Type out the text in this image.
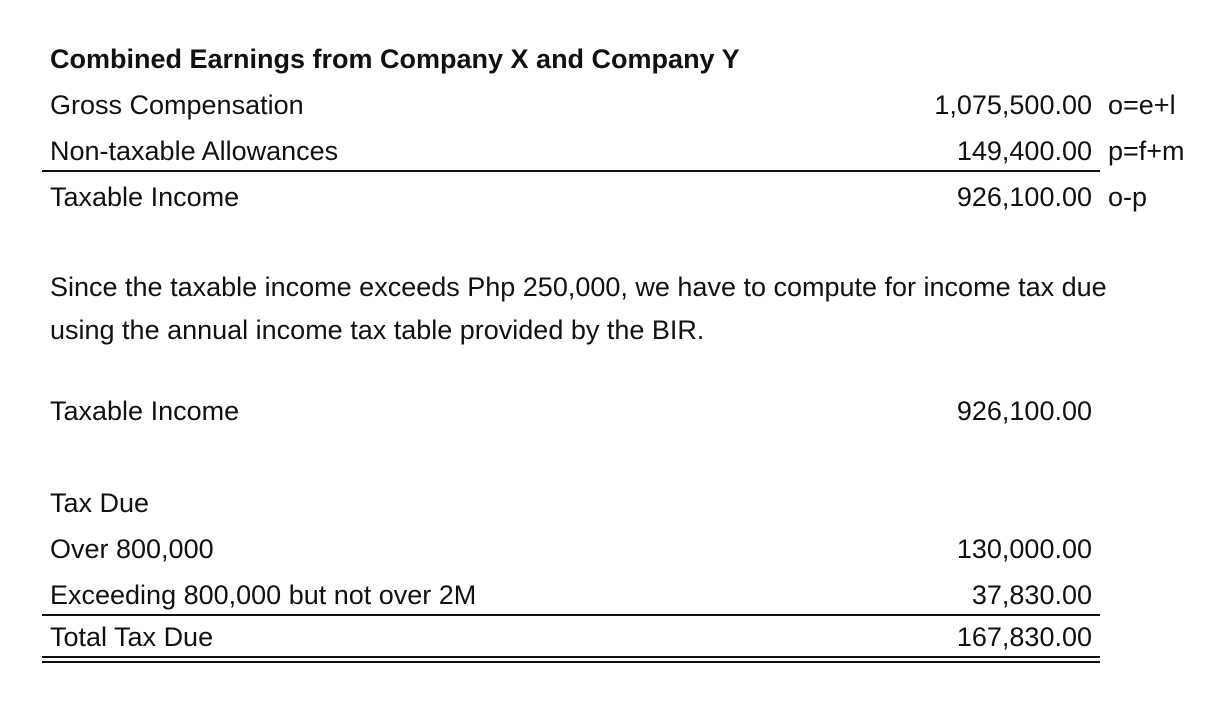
Combined Earnings from Company X and Company Y
Gross Compensation	1,075,500.00 o=e+l
Non-taxable Allowances	149,400.00 p=f+m
Taxable Income	926,100.00 o-p
Since the taxable income exceeds Php 250,000, we have to compute for income tax due using the annual income tax table provided by the BIR.
Taxable Income	926,100.00
Tax Due
Over 800,000	130,000.00
Exceeding 800,000 but not over 2M	37,830.00
Total Tax Due	167,830.00
